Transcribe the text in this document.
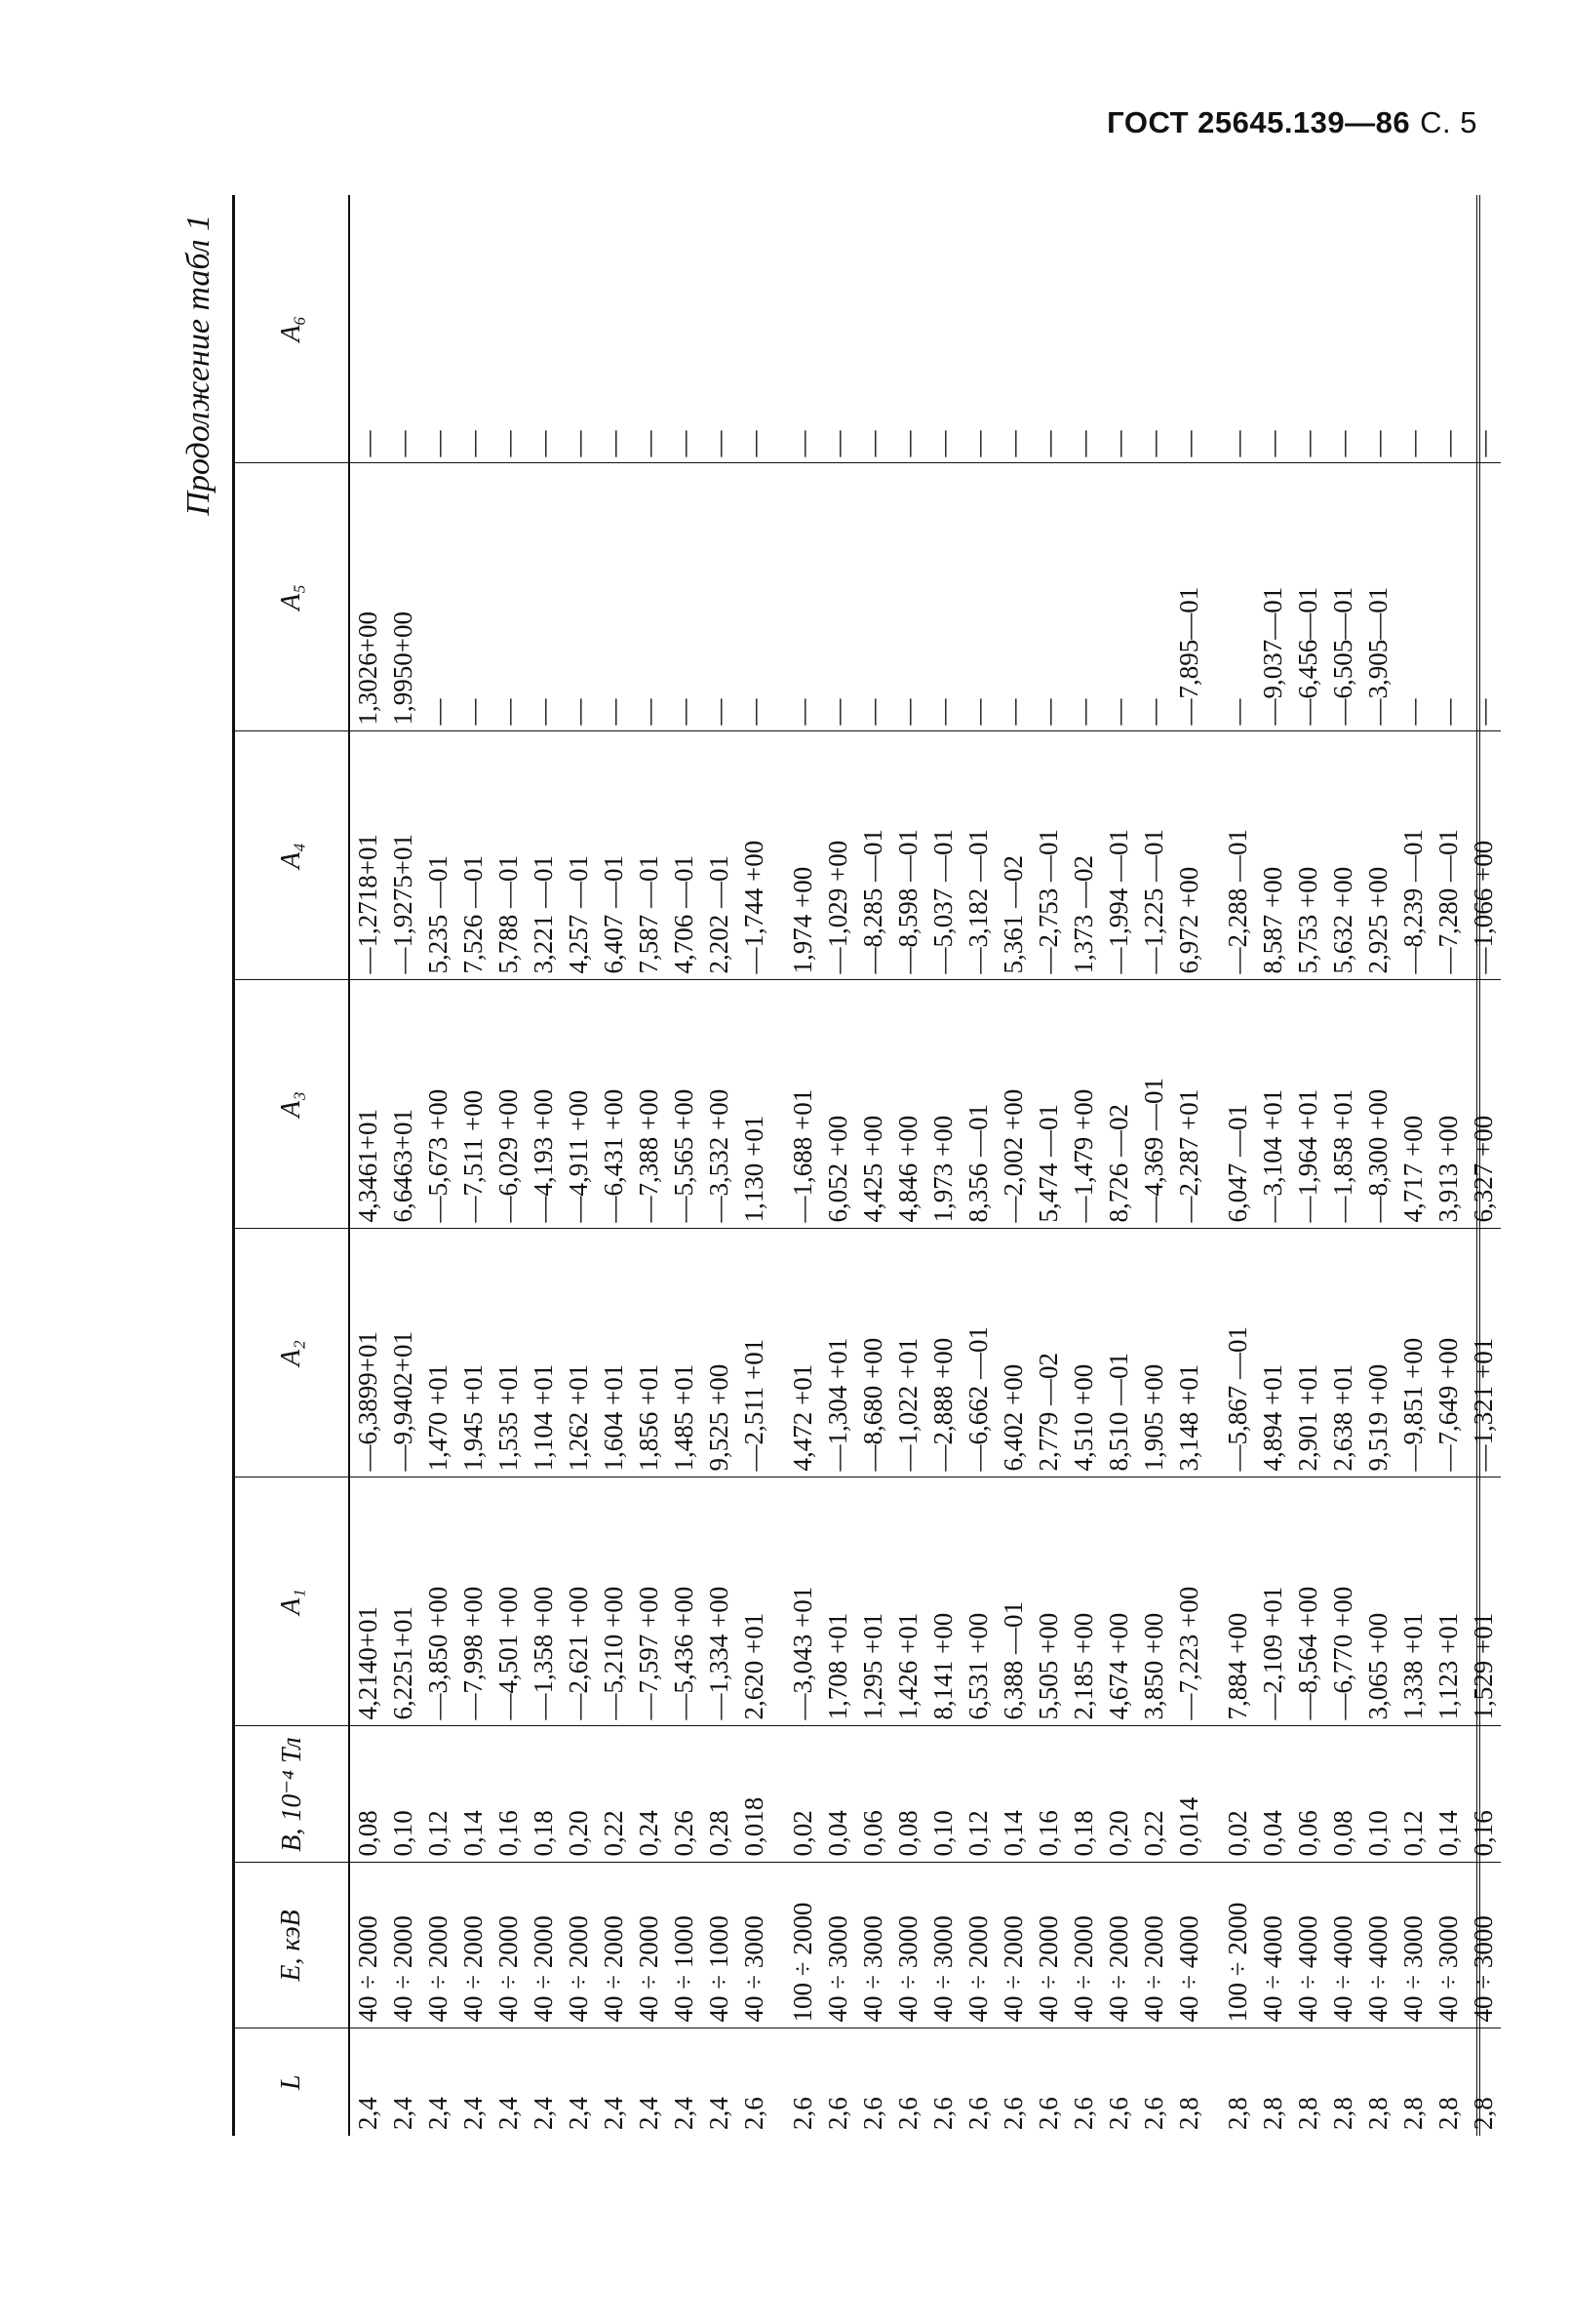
ГОСТ 25645.139—86 С. 5
Продолжение табл 1
L	E, кэВ	B, 10⁻⁴ Тл	A₁	A₂	A₃	A₄	A₅	A₆
2,4	40 ÷ 2000	0,08	4,2140+01	—6,3899+01	4,3461+01	—1,2718+01	1,3026+00	—
2,4	40 ÷ 2000	0,10	6,2251+01	—9,9402+01	6,6463+01	—1,9275+01	1,9950+00	—
2,4	40 ÷ 2000	0,12	—3,850 +00	1,470 +01	—5,673 +00	5,235 —01	—	—
2,4	40 ÷ 2000	0,14	—7,998 +00	1,945 +01	—7,511 +00	7,526 —01	—	—
2,4	40 ÷ 2000	0,16	—4,501 +00	1,535 +01	—6,029 +00	5,788 —01	—	—
2,4	40 ÷ 2000	0,18	—1,358 +00	1,104 +01	—4,193 +00	3,221 —01	—	—
2,4	40 ÷ 2000	0,20	—2,621 +00	1,262 +01	—4,911 +00	4,257 —01	—	—
2,4	40 ÷ 2000	0,22	—5,210 +00	1,604 +01	—6,431 +00	6,407 —01	—	—
2,4	40 ÷ 2000	0,24	—7,597 +00	1,856 +01	—7,388 +00	7,587 —01	—	—
2,4	40 ÷ 1000	0,26	—5,436 +00	1,485 +01	—5,565 +00	4,706 —01	—	—
2,4	40 ÷ 1000	0,28	—1,334 +00	9,525 +00	—3,532 +00	2,202 —01	—	—
2,6	40 ÷ 3000	0,018	2,620 +01	—2,511 +01	1,130 +01	—1,744 +00	—	—

2,6	100 ÷ 2000	0,02	—3,043 +01	4,472 +01	—1,688 +01	1,974 +00	—	—
2,6	40 ÷ 3000	0,04	1,708 +01	—1,304 +01	6,052 +00	—1,029 +00	—	—
2,6	40 ÷ 3000	0,06	1,295 +01	—8,680 +00	4,425 +00	—8,285 —01	—	—
2,6	40 ÷ 3000	0,08	1,426 +01	—1,022 +01	4,846 +00	—8,598 —01	—	—
2,6	40 ÷ 3000	0,10	8,141 +00	—2,888 +00	1,973 +00	—5,037 —01	—	—
2,6	40 ÷ 2000	0,12	6,531 +00	—6,662 —01	8,356 —01	—3,182 —01	—	—
2,6	40 ÷ 2000	0,14	6,388 —01	6,402 +00	—2,002 +00	5,361 —02	—	—
2,6	40 ÷ 2000	0,16	5,505 +00	2,779 —02	5,474 —01	—2,753 —01	—	—
2,6	40 ÷ 2000	0,18	2,185 +00	4,510 +00	—1,479 +00	1,373 —02	—	—
2,6	40 ÷ 2000	0,20	4,674 +00	8,510 —01	8,726 —02	—1,994 —01	—	—
2,6	40 ÷ 2000	0,22	3,850 +00	1,905 +00	—4,369 —01	—1,225 —01	—	—
2,8	40 ÷ 4000	0,014	—7,223 +00	3,148 +01	—2,287 +01	6,972 +00	—7,895—01	—

2,8	100 ÷ 2000	0,02	7,884 +00	—5,867 —01	6,047 —01	—2,288 —01	—	—
2,8	40 ÷ 4000	0,04	—2,109 +01	4,894 +01	—3,104 +01	8,587 +00	—9,037—01	—
2,8	40 ÷ 4000	0,06	—8,564 +00	2,901 +01	—1,964 +01	5,753 +00	—6,456—01	—
2,8	40 ÷ 4000	0,08	—6,770 +00	2,638 +01	—1,858 +01	5,632 +00	—6,505—01	—
2,8	40 ÷ 4000	0,10	3,065 +00	9,519 +00	—8,300 +00	2,925 +00	—3,905—01	—
2,8	40 ÷ 3000	0,12	1,338 +01	—9,851 +00	4,717 +00	—8,239 —01	—	—
2,8	40 ÷ 3000	0,14	1,123 +01	—7,649 +00	3,913 +00	—7,280 —01	—	—
2,8	40 ÷ 3000	0,16	1,529 +01	—1,321 +01	6,327 +00	—1,066 +00	—	—
